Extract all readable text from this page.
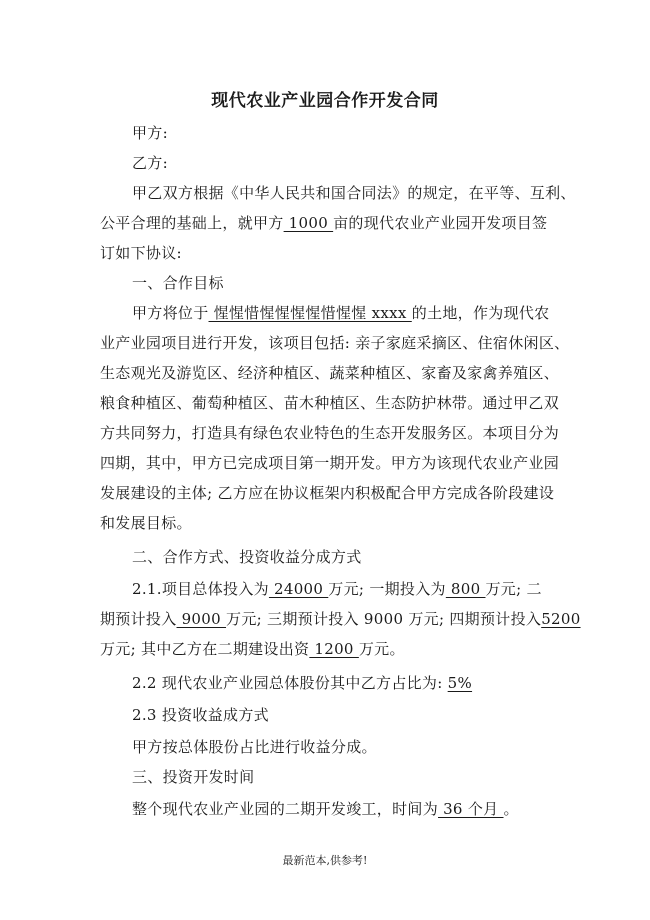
现代农业产业园合作开发合同
甲方:
乙方:
甲乙双方根据《中华人民共和国合同法》的规定，在平等、互利、
公平合理的基础上，就甲方 1000 亩的现代农业产业园开发项目签
订如下协议:
一、合作目标
甲方将位于 惺惺惜惺惺惺惺惜惺惺 xxxx 的土地，作为现代农
业产业园项目进行开发，该项目包括: 亲子家庭采摘区、住宿休闲区、
生态观光及游览区、经济种植区、蔬菜种植区、家畜及家禽养殖区、
粮食种植区、葡萄种植区、苗木种植区、生态防护林带。通过甲乙双
方共同努力，打造具有绿色农业特色的生态开发服务区。本项目分为
四期，其中，甲方已完成项目第一期开发。甲方为该现代农业产业园
发展建设的主体; 乙方应在协议框架内积极配合甲方完成各阶段建设
和发展目标。
二、合作方式、投资收益分成方式
2.1.项目总体投入为 24000 万元; 一期投入为 800 万元; 二
期预计投入 9000 万元; 三期预计投入 9000 万元; 四期预计投入5200
万元; 其中乙方在二期建设出资 1200 万元。
2.2 现代农业产业园总体股份其中乙方占比为: 5%
2.3 投资收益成方式
甲方按总体股份占比进行收益分成。
三、投资开发时间
整个现代农业产业园的二期开发竣工，时间为 36 个月 。
最新范本,供参考!
